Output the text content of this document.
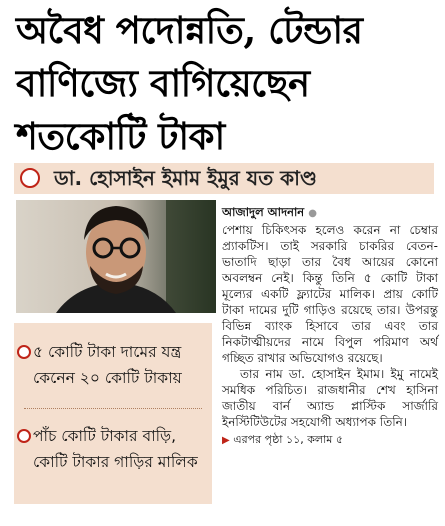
অবৈধ পদোন্নতি, টেন্ডার
বাণিজ্যে বাগিয়েছেন
শতকোটি টাকা
ডা. হোসাইন ইমাম ইমুর যত কাণ্ড
৫ কোটি টাকা দামের যন্ত্র কেনেন ২০ কোটি টাকায়
পাঁচ কোটি টাকার বাড়ি, কোটি টাকার গাড়ির মালিক
আজাদুল আদনান ●

পেশায় চিকিৎসক হলেও করেন না চেম্বার প্র্যাকটিস। তাই সরকারি চাকরির বেতন-ভাতাদি ছাড়া তার বৈধ আয়ের কোনো অবলম্বন নেই। কিন্তু তিনি ৫ কোটি টাকা মূল্যের একটি ফ্ল্যাটের মালিক। প্রায় কোটি টাকা দামের দুটি গাড়িও রয়েছে তার। উপরন্তু বিভিন্ন ব্যাংক হিসাবে তার এবং তার নিকটাত্মীয়দের নামে বিপুল পরিমাণ অর্থ গচ্ছিত রাখার অভিযোগও রয়েছে।

তার নাম ডা. হোসাইন ইমাম। ইমু নামেই সমধিক পরিচিত। রাজধানীর শেখ হাসিনা জাতীয় বার্ন অ্যান্ড প্লাস্টিক সার্জারি ইনস্টিটিউটের সহযোগী অধ্যাপক তিনি।

▶ এরপর পৃষ্ঠা ১১, কলাম ৫
